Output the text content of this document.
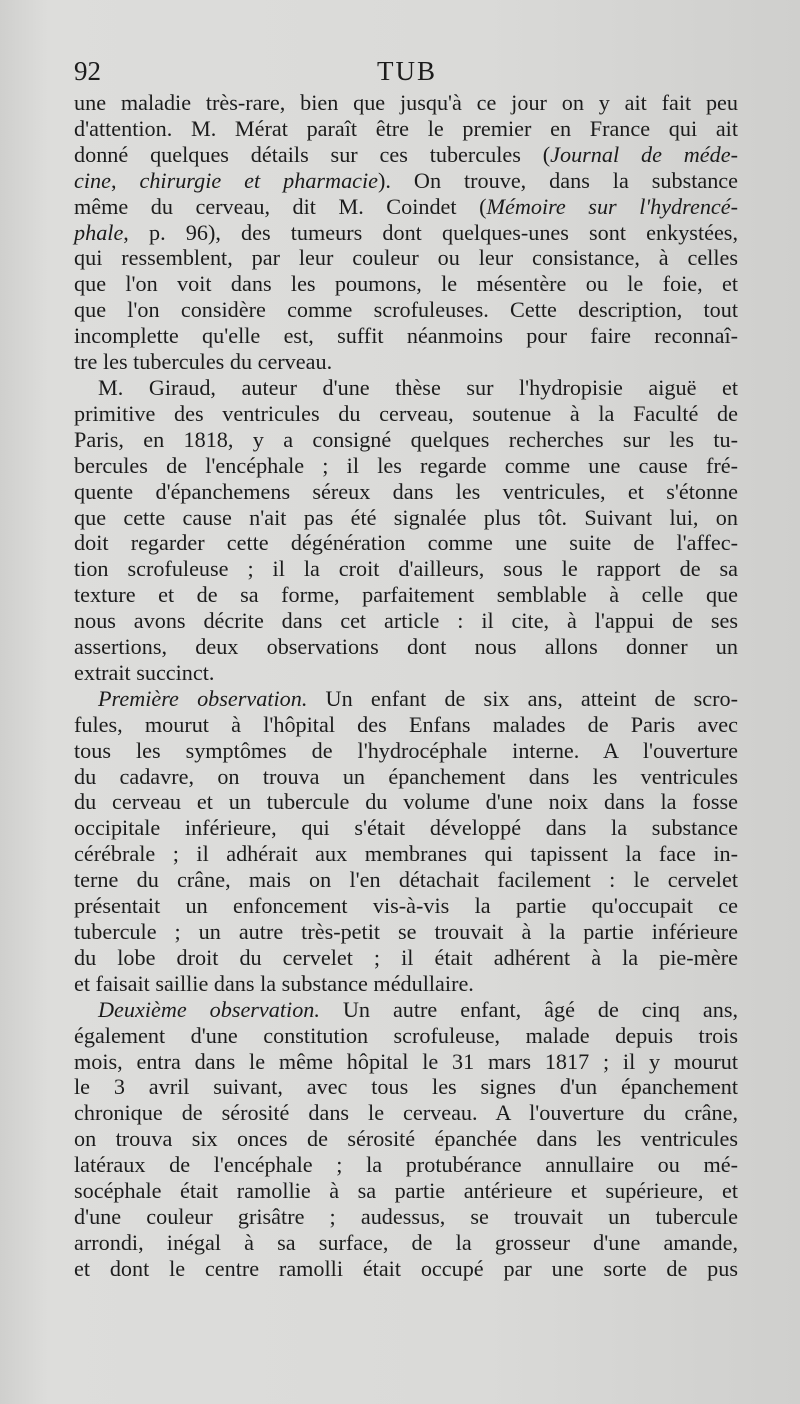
92	TUB
une maladie très-rare, bien que jusqu'à ce jour on y ait fait peu
d'attention. M. Mérat paraît être le premier en France qui ait
donné quelques détails sur ces tubercules (Journal de méde-
cine, chirurgie et pharmacie). On trouve, dans la substance
même du cerveau, dit M. Coindet (Mémoire sur l'hydrencé-
phale, p. 96), des tumeurs dont quelques-unes sont enkystées,
qui ressemblent, par leur couleur ou leur consistance, à celles
que l'on voit dans les poumons, le mésentère ou le foie, et
que l'on considère comme scrofuleuses. Cette description, tout
incomplette qu'elle est, suffit néanmoins pour faire reconnaî-
tre les tubercules du cerveau.
M. Giraud, auteur d'une thèse sur l'hydropisie aiguë et
primitive des ventricules du cerveau, soutenue à la Faculté de
Paris, en 1818, y a consigné quelques recherches sur les tu-
bercules de l'encéphale ; il les regarde comme une cause fré-
quente d'épanchemens séreux dans les ventricules, et s'étonne
que cette cause n'ait pas été signalée plus tôt. Suivant lui, on
doit regarder cette dégénération comme une suite de l'affec-
tion scrofuleuse ; il la croit d'ailleurs, sous le rapport de sa
texture et de sa forme, parfaitement semblable à celle que
nous avons décrite dans cet article : il cite, à l'appui de ses
assertions, deux observations dont nous allons donner un
extrait succinct.
Première observation. Un enfant de six ans, atteint de scro-
fules, mourut à l'hôpital des Enfans malades de Paris avec
tous les symptômes de l'hydrocéphale interne. A l'ouverture
du cadavre, on trouva un épanchement dans les ventricules
du cerveau et un tubercule du volume d'une noix dans la fosse
occipitale inférieure, qui s'était développé dans la substance
cérébrale ; il adhérait aux membranes qui tapissent la face in-
terne du crâne, mais on l'en détachait facilement : le cervelet
présentait un enfoncement vis-à-vis la partie qu'occupait ce
tubercule ; un autre très-petit se trouvait à la partie inférieure
du lobe droit du cervelet ; il était adhérent à la pie-mère
et faisait saillie dans la substance médullaire.
Deuxième observation. Un autre enfant, âgé de cinq ans,
également d'une constitution scrofuleuse, malade depuis trois
mois, entra dans le même hôpital le 31 mars 1817 ; il y mourut
le 3 avril suivant, avec tous les signes d'un épanchement
chronique de sérosité dans le cerveau. A l'ouverture du crâne,
on trouva six onces de sérosité épanchée dans les ventricules
latéraux de l'encéphale ; la protubérance annullaire ou mé-
socéphale était ramollie à sa partie antérieure et supérieure, et
d'une couleur grisâtre ; audessus, se trouvait un tubercule
arrondi, inégal à sa surface, de la grosseur d'une amande,
et dont le centre ramolli était occupé par une sorte de pus
